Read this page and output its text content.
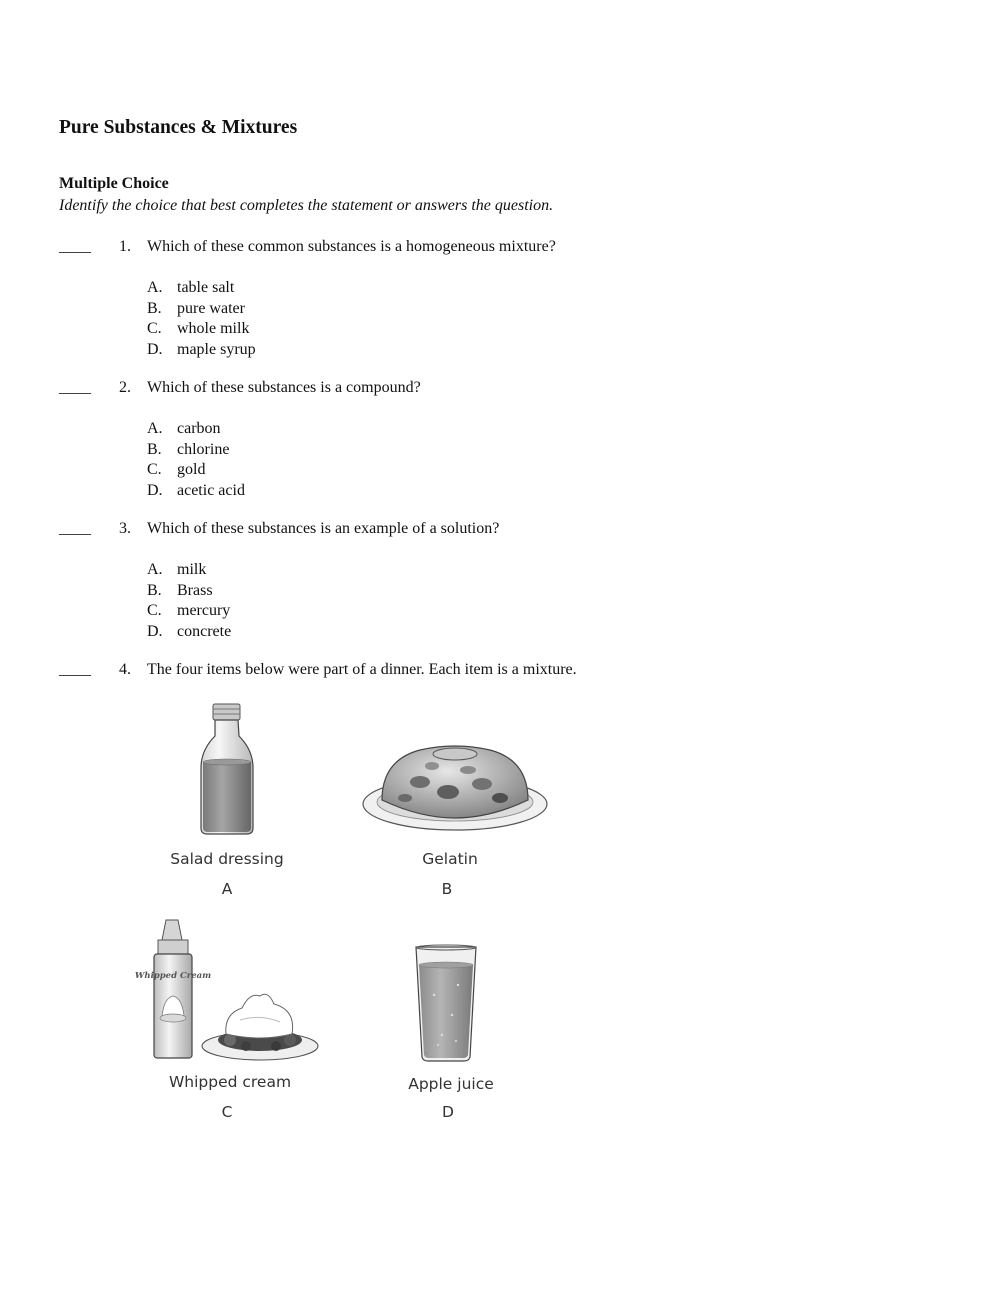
Pure Substances & Mixtures
Multiple Choice
Identify the choice that best completes the statement or answers the question.
____ 1. Which of these common substances is a homogeneous mixture?
A. table salt
B. pure water
C. whole milk
D. maple syrup
____ 2. Which of these substances is a compound?
A. carbon
B. chlorine
C. gold
D. acetic acid
____ 3. Which of these substances is an example of a solution?
A. milk
B. Brass
C. mercury
D. concrete
____ 4. The four items below were part of a dinner. Each item is a mixture.
Salad dressing
A
Gelatin
B
Whipped Cream
Whipped cream
C
Apple juice
D
